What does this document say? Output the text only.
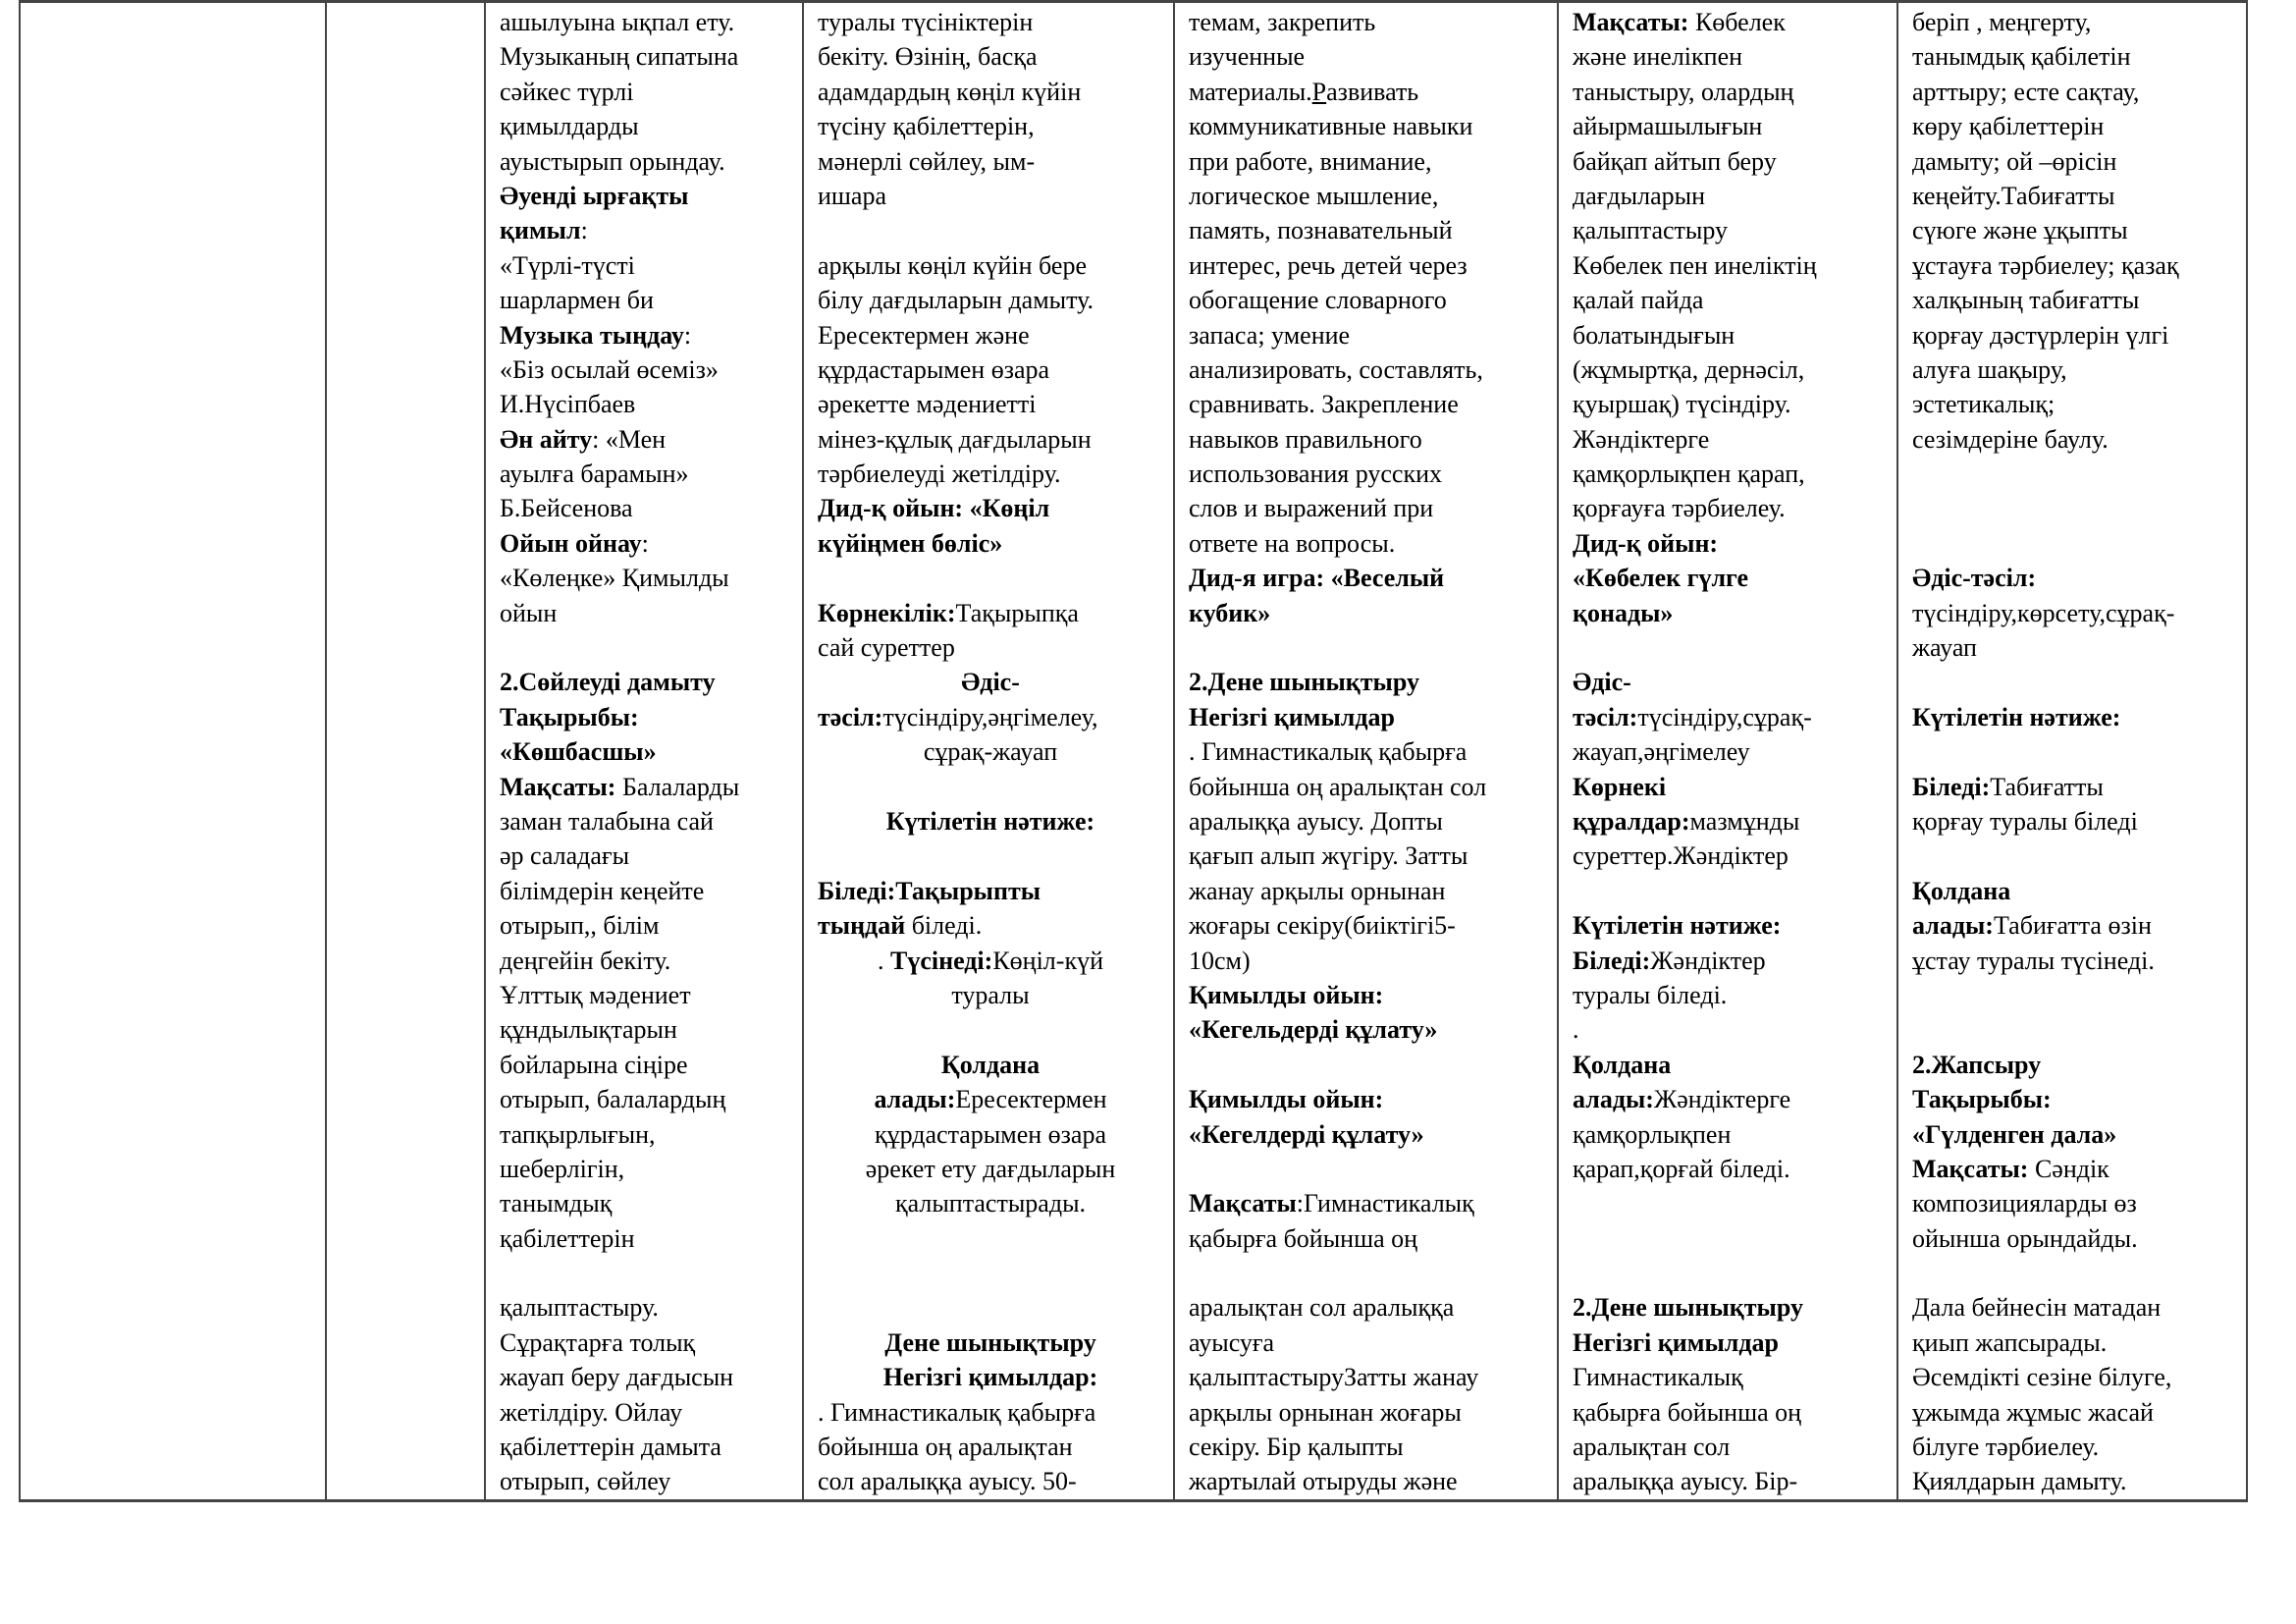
ашылуына ықпал ету.
Музыканың сипатына
сәйкес түрлі
қимылдарды
ауыстырып орындау.
Әуенді ырғақты
қимыл:
«Түрлі-түсті
шарлармен би
Музыка тыңдау:
«Біз осылай өсеміз»
И.Нүсіпбаев
Ән айту: «Мен
ауылға барамын»
Б.Бейсенова
Ойын ойнау:
«Көлеңке» Қимылды
ойын
2.Сөйлеуді дамыту
Тақырыбы:
«Көшбасшы»
Мақсаты: Балаларды
заман талабына сай
әр саладағы
білімдерін кеңейте
отырып,, білім
деңгейін бекіту.
Ұлттық мәдениет
құндылықтарын
бойларына сіңіре
отырып, балалардың
тапқырлығын,
шеберлігін,
танымдық
қабілеттерін
қалыптастыру.
Сұрақтарға толық
жауап беру дағдысын
жетілдіру. Ойлау
қабілеттерін дамыта
отырып, сөйлеу
туралы түсініктерін
бекіту. Өзінің, басқа
адамдардың көңіл күйін
түсіну қабілеттерін,
мәнерлі сөйлеу, ым-
ишара
арқылы көңіл күйін бере
білу дағдыларын дамыту.
Ересектермен және
құрдастарымен өзара
әрекетте мәдениетті
мінез-құлық дағдыларын
тәрбиелеуді жетілдіру.
Дид-қ ойын: «Көңіл
күйіңмен бөліс»
Көрнекілік:Тақырыпқа
сай суреттер
Әдіс-
тәсіл:түсіндіру,әңгімелеу,
сұрақ-жауап
Күтілетін нәтиже:
Біледі:Тақырыпты
тыңдай біледі.
. Түсінеді:Көңіл-күй
туралы
Қолдана
алады:Ересектермен
құрдастарымен өзара
әрекет ету дағдыларын
қалыптастырады.
Дене шынықтыру
Негізгі қимылдар:
. Гимнастикалық қабырға
бойынша оң аралықтан
сол аралыққа ауысу. 50-
темам, закрепить
изученные
материалы.Развивать
коммуникативные навыки
при работе, внимание,
логическое мышление,
память, познавательный
интерес, речь детей через
обогащение словарного
запаса; умение
анализировать, составлять,
сравнивать. Закрепление
навыков правильного
использования русских
слов и выражений при
ответе на вопросы.
Дид-я игра: «Веселый
кубик»
2.Дене шынықтыру
Негізгі қимылдар
. Гимнастикалық қабырға
бойынша оң аралықтан сол
аралыққа ауысу. Допты
қағып алып жүгіру. Затты
жанау арқылы орнынан
жоғары секіру(биіктігі5-
10см)
Қимылды ойын:
«Кегельдерді құлату»
Қимылды ойын:
«Кегелдерді құлату»
Мақсаты:Гимнастикалық
қабырға бойынша оң
аралықтан сол аралыққа
ауысуға
қалыптастыруЗатты жанау
арқылы орнынан жоғары
секіру. Бір қалыпты
жартылай отыруды және
Мақсаты: Көбелек
және инелікпен
таныстыру, олардың
айырмашылығын
байқап айтып беру
дағдыларын
қалыптастыру
Көбелек пен инеліктің
қалай пайда
болатындығын
(жұмыртқа, дернәсіл,
қуыршақ) түсіндіру.
Жәндіктерге
қамқорлықпен қарап,
қорғауға тәрбиелеу.
Дид-қ ойын:
«Көбелек гүлге
қонады»
Әдіс-
тәсіл:түсіндіру,сұрақ-
жауап,әңгімелеу
Көрнекі
құралдар:мазмұнды
суреттер.Жәндіктер
Күтілетін нәтиже:
Біледі:Жәндіктер
туралы біледі.
.
Қолдана
алады:Жәндіктерге
қамқорлықпен
қарап,қорғай біледі.
2.Дене шынықтыру
Негізгі қимылдар
Гимнастикалық
қабырға бойынша оң
аралықтан сол
аралыққа ауысу. Бір-
беріп , меңгерту,
танымдық қабілетін
арттыру; есте сақтау,
көру қабілеттерін
дамыту; ой –өрісін
кеңейту.Табиғатты
сүюге және ұқыпты
ұстауға тәрбиелеу; қазақ
халқының табиғатты
қорғау дәстүрлерін үлгі
алуға шақыру,
эстетикалық;
сезімдеріне баулу.
Әдіс-тәсіл:
түсіндіру,көрсету,сұрақ-
жауап
Күтілетін нәтиже:
Біледі:Табиғатты
қорғау туралы біледі
Қолдана
алады:Табиғатта өзін
ұстау туралы түсінеді.
2.Жапсыру
Тақырыбы:
«Гүлденген дала»
Мақсаты: Сәндік
композицияларды өз
ойынша орындайды.
Дала бейнесін матадан
қиып жапсырады.
Әсемдікті сезіне білуге,
ұжымда жұмыс жасай
білуге тәрбиелеу.
Қиялдарын дамыту.
